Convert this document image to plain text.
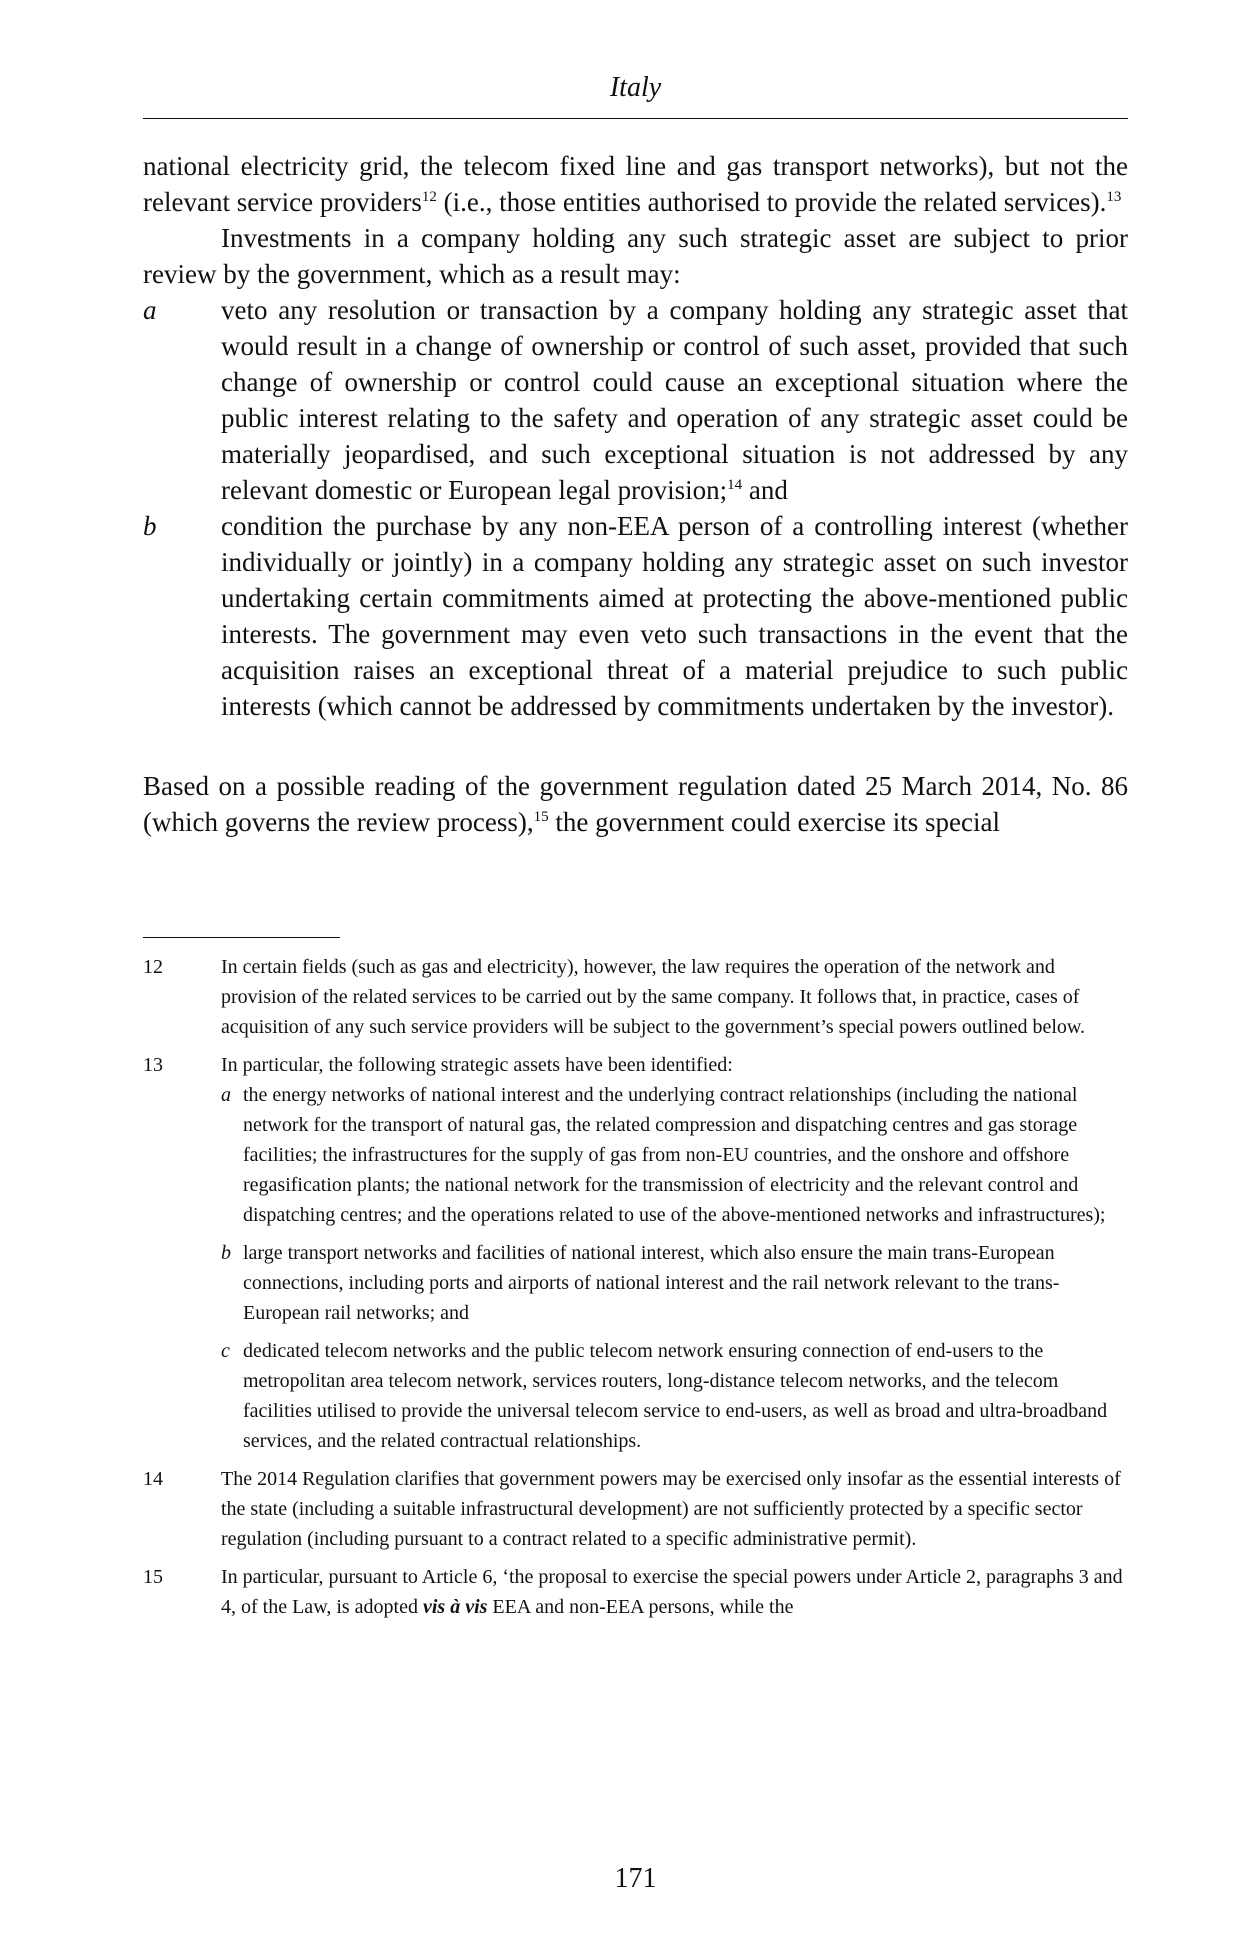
Italy

national electricity grid, the telecom fixed line and gas transport networks), but not the relevant service providers$^{12}$ (i.e., those entities authorised to provide the related services).$^{13}$

Investments in a company holding any such strategic asset are subject to prior review by the government, which as a result may:

a	veto any resolution or transaction by a company holding any strategic asset that would result in a change of ownership or control of such asset, provided that such change of ownership or control could cause an exceptional situation where the public interest relating to the safety and operation of any strategic asset could be materially jeopardised, and such exceptional situation is not addressed by any relevant domestic or European legal provision;$^{14}$ and
b	condition the purchase by any non-EEA person of a controlling interest (whether individually or jointly) in a company holding any strategic asset on such investor undertaking certain commitments aimed at protecting the above-mentioned public interests. The government may even veto such transactions in the event that the acquisition raises an exceptional threat of a material prejudice to such public interests (which cannot be addressed by commitments undertaken by the investor).

Based on a possible reading of the government regulation dated 25 March 2014, No. 86 (which governs the review process),$^{15}$ the government could exercise its special

12	In certain fields (such as gas and electricity), however, the law requires the operation of the network and provision of the related services to be carried out by the same company. It follows that, in practice, cases of acquisition of any such service providers will be subject to the government’s special powers outlined below.
13	In particular, the following strategic assets have been identified:
a the energy networks of national interest and the underlying contract relationships (including the national network for the transport of natural gas, the related compression and dispatching centres and gas storage facilities; the infrastructures for the supply of gas from non-EU countries, and the onshore and offshore regasification plants; the national network for the transmission of electricity and the relevant control and dispatching centres; and the operations related to use of the above-mentioned networks and infrastructures);
b large transport networks and facilities of national interest, which also ensure the main trans-European connections, including ports and airports of national interest and the rail network relevant to the trans-European rail networks; and
c dedicated telecom networks and the public telecom network ensuring connection of end-users to the metropolitan area telecom network, services routers, long-distance telecom networks, and the telecom facilities utilised to provide the universal telecom service to end-users, as well as broad and ultra-broadband services, and the related contractual relationships.
14	The 2014 Regulation clarifies that government powers may be exercised only insofar as the essential interests of the state (including a suitable infrastructural development) are not sufficiently protected by a specific sector regulation (including pursuant to a contract related to a specific administrative permit).
15	In particular, pursuant to Article 6, ‘the proposal to exercise the special powers under Article 2, paragraphs 3 and 4, of the Law, is adopted vis à vis EEA and non-EEA persons, while the
171
